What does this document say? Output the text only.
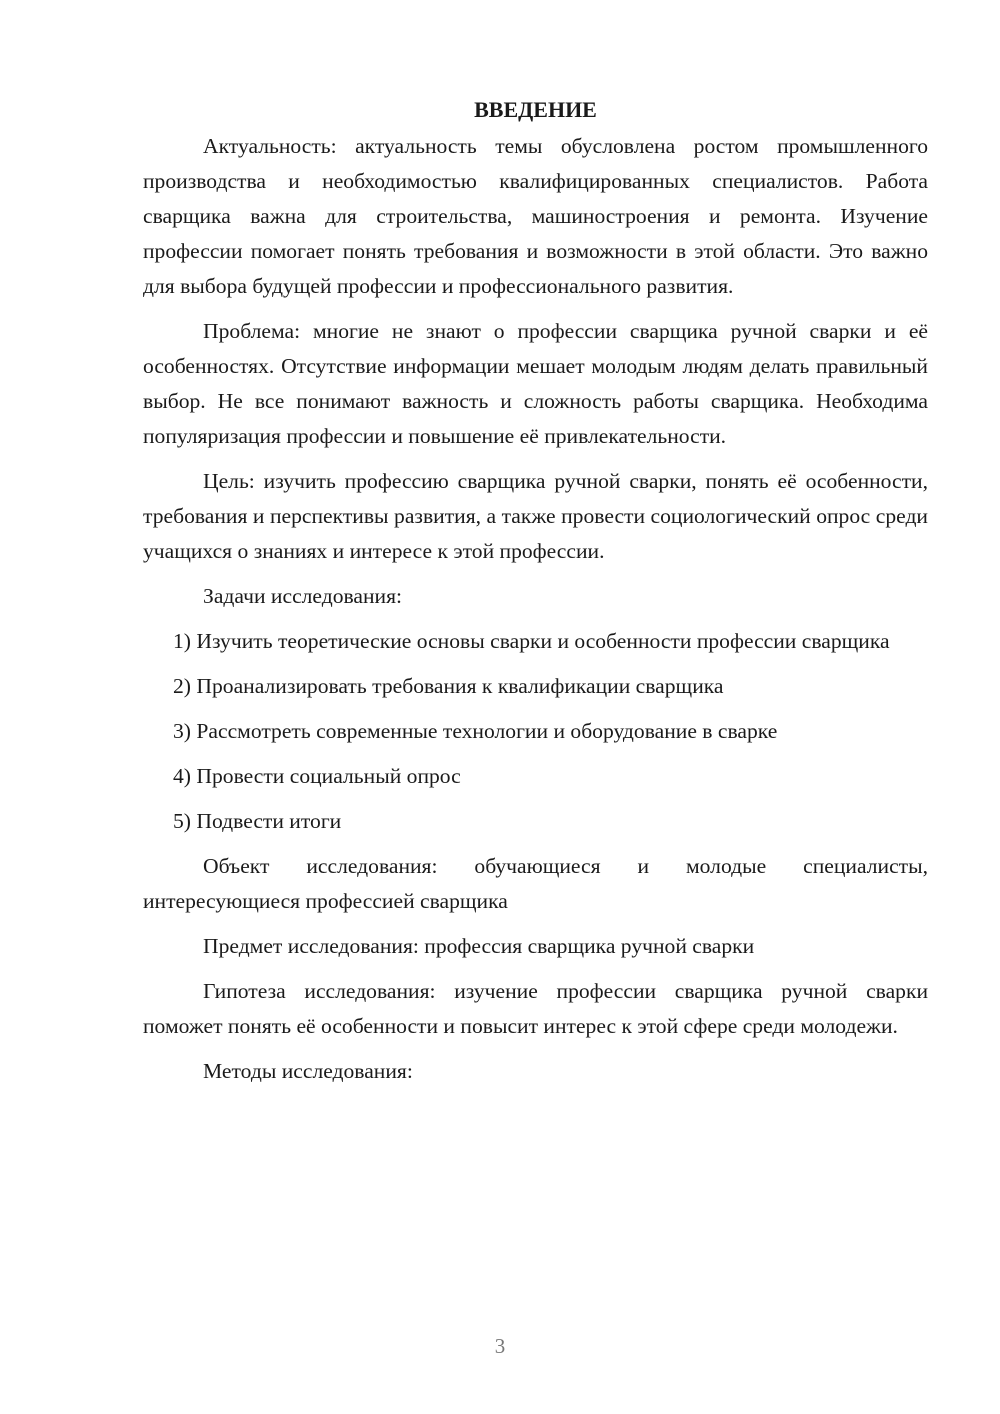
ВВЕДЕНИЕ

Актуальность: актуальность темы обусловлена ростом промышленного производства и необходимостью квалифицированных специалистов. Работа сварщика важна для строительства, машиностроения и ремонта. Изучение профессии помогает понять требования и возможности в этой области. Это важно для выбора будущей профессии и профессионального развития.

Проблема: многие не знают о профессии сварщика ручной сварки и её особенностях. Отсутствие информации мешает молодым людям делать правильный выбор. Не все понимают важность и сложность работы сварщика. Необходима популяризация профессии и повышение её привлекательности.

Цель: изучить профессию сварщика ручной сварки, понять её особенности, требования и перспективы развития, а также провести социологический опрос среди учащихся о знаниях и интересе к этой профессии.

Задачи исследования:

1) Изучить теоретические основы сварки и особенности профессии сварщика

2) Проанализировать требования к квалификации сварщика

3) Рассмотреть современные технологии и оборудование в сварке

4) Провести социальный опрос

5) Подвести итоги

Объект исследования: обучающиеся и молодые специалисты, интересующиеся профессией сварщика

Предмет исследования: профессия сварщика ручной сварки

Гипотеза исследования: изучение профессии сварщика ручной сварки поможет понять её особенности и повысит интерес к этой сфере среди молодежи.

Методы исследования:

3
